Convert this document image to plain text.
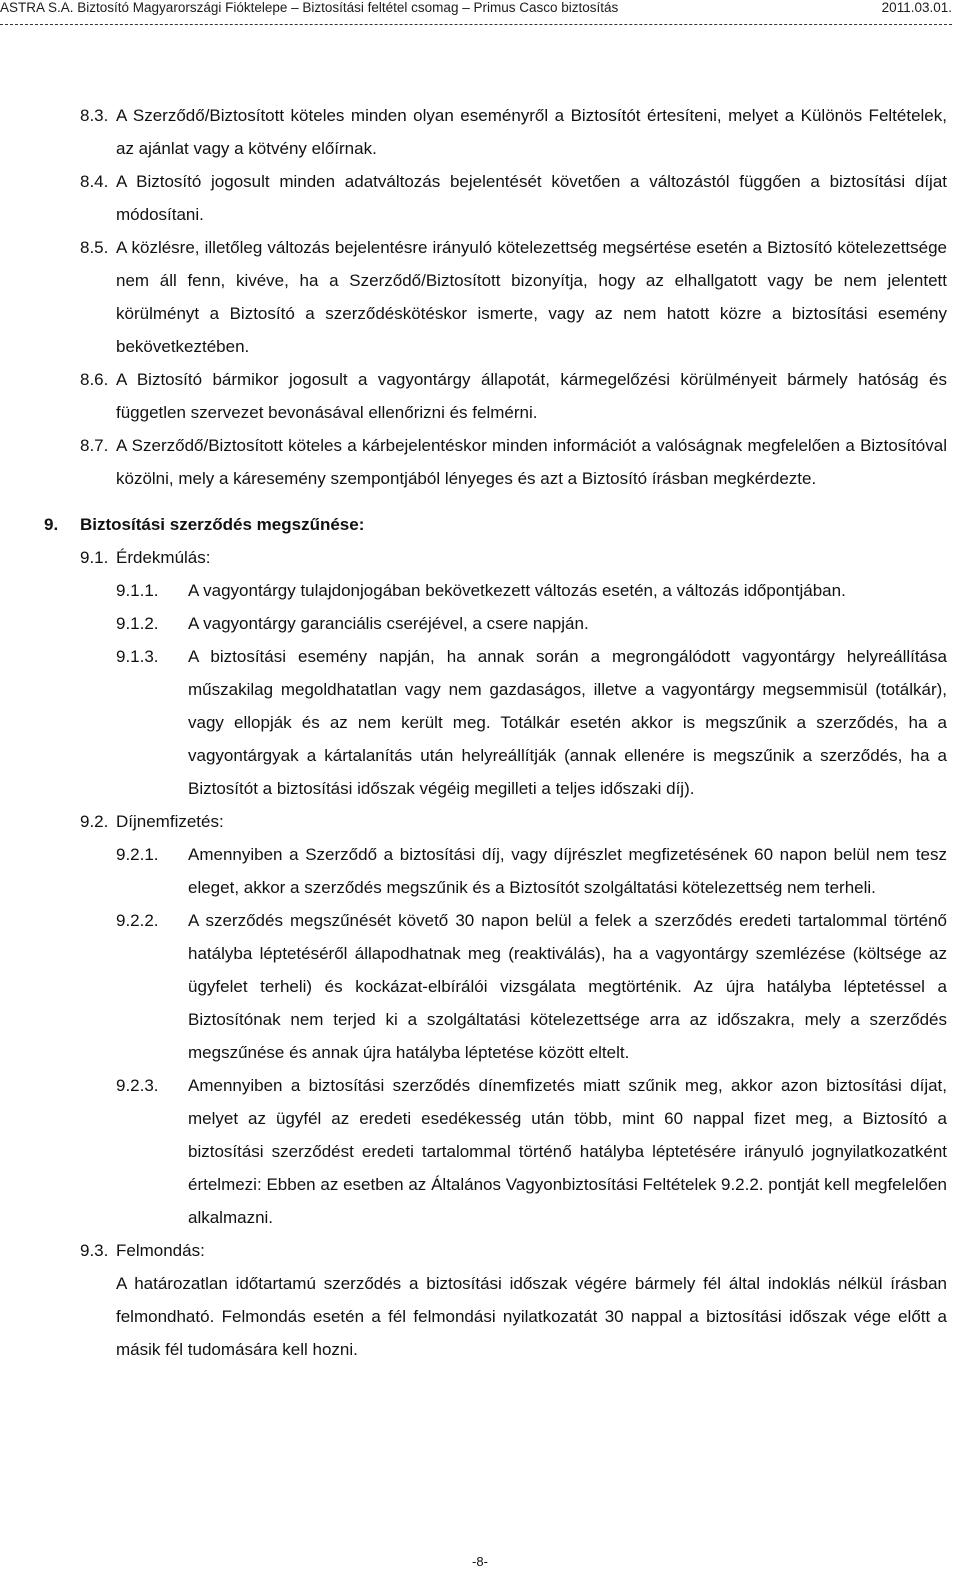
ASTRA S.A. Biztosító Magyarországi Fióktelepe – Biztosítási feltétel csomag – Primus Casco biztosítás	2011.03.01.
8.3. A Szerződő/Biztosított köteles minden olyan eseményről a Biztosítót értesíteni, melyet a Különös Feltételek, az ajánlat vagy a kötvény előírnak.
8.4. A Biztosító jogosult minden adatváltozás bejelentését követően a változástól függően a biztosítási díjat módosítani.
8.5. A közlésre, illetőleg változás bejelentésre irányuló kötelezettség megsértése esetén a Biztosító kötelezettsége nem áll fenn, kivéve, ha a Szerződő/Biztosított bizonyítja, hogy az elhallgatott vagy be nem jelentett körülményt a Biztosító a szerződéskötéskor ismerte, vagy az nem hatott közre a biztosítási esemény bekövetkeztében.
8.6. A Biztosító bármikor jogosult a vagyontárgy állapotát, kármegelőzési körülményeit bármely hatóság és független szervezet bevonásával ellenőrizni és felmérni.
8.7. A Szerződő/Biztosított köteles a kárbejelentéskor minden információt a valóságnak megfelelően a Biztosítóval közölni, mely a káresemény szempontjából lényeges és azt a Biztosító írásban megkérdezte.
9.	Biztosítási szerződés megszűnése:
9.1. Érdekmúlás:
9.1.1.	A vagyontárgy tulajdonjogában bekövetkezett változás esetén, a változás időpontjában.
9.1.2.	A vagyontárgy garanciális cseréjével, a csere napján.
9.1.3.	A biztosítási esemény napján, ha annak során a megrongálódott vagyontárgy helyreállítása műszakilag megoldhatatlan vagy nem gazdaságos, illetve a vagyontárgy megsemmisül (totálkár), vagy ellopják és az nem került meg. Totálkár esetén akkor is megszűnik a szerződés, ha a vagyontárgyak a kártalanítás után helyreállítják (annak ellenére is megszűnik a szerződés, ha a Biztosítót a biztosítási időszak végéig megilleti a teljes időszaki díj).
9.2. Díjnemfizetés:
9.2.1.	Amennyiben a Szerződő a biztosítási díj, vagy díjrészlet megfizetésének 60 napon belül nem tesz eleget, akkor a szerződés megszűnik és a Biztosítót szolgáltatási kötelezettség nem terheli.
9.2.2.	A szerződés megszűnését követő 30 napon belül a felek a szerződés eredeti tartalommal történő hatályba léptetéséről állapodhatnak meg (reaktiválás), ha a vagyontárgy szemlézése (költsége az ügyfelet terheli) és kockázat-elbírálói vizsgálata megtörténik. Az újra hatályba léptetéssel a Biztosítónak nem terjed ki a szolgáltatási kötelezettsége arra az időszakra, mely a szerződés megszűnése és annak újra hatályba léptetése között eltelt.
9.2.3.	Amennyiben a biztosítási szerződés dínemfizetés miatt szűnik meg, akkor azon biztosítási díjat, melyet az ügyfél az eredeti esedékesség után több, mint 60 nappal fizet meg, a Biztosító a biztosítási szerződést eredeti tartalommal történő hatályba léptetésére irányuló jognyilatkozatként értelmezi: Ebben az esetben az Általános Vagyonbiztosítási Feltételek 9.2.2. pontját kell megfelelően alkalmazni.
9.3. Felmondás:
A határozatlan időtartamú szerződés a biztosítási időszak végére bármely fél által indoklás nélkül írásban felmondható. Felmondás esetén a fél felmondási nyilatkozatát 30 nappal a biztosítási időszak vége előtt a másik fél tudomására kell hozni.
-8-
